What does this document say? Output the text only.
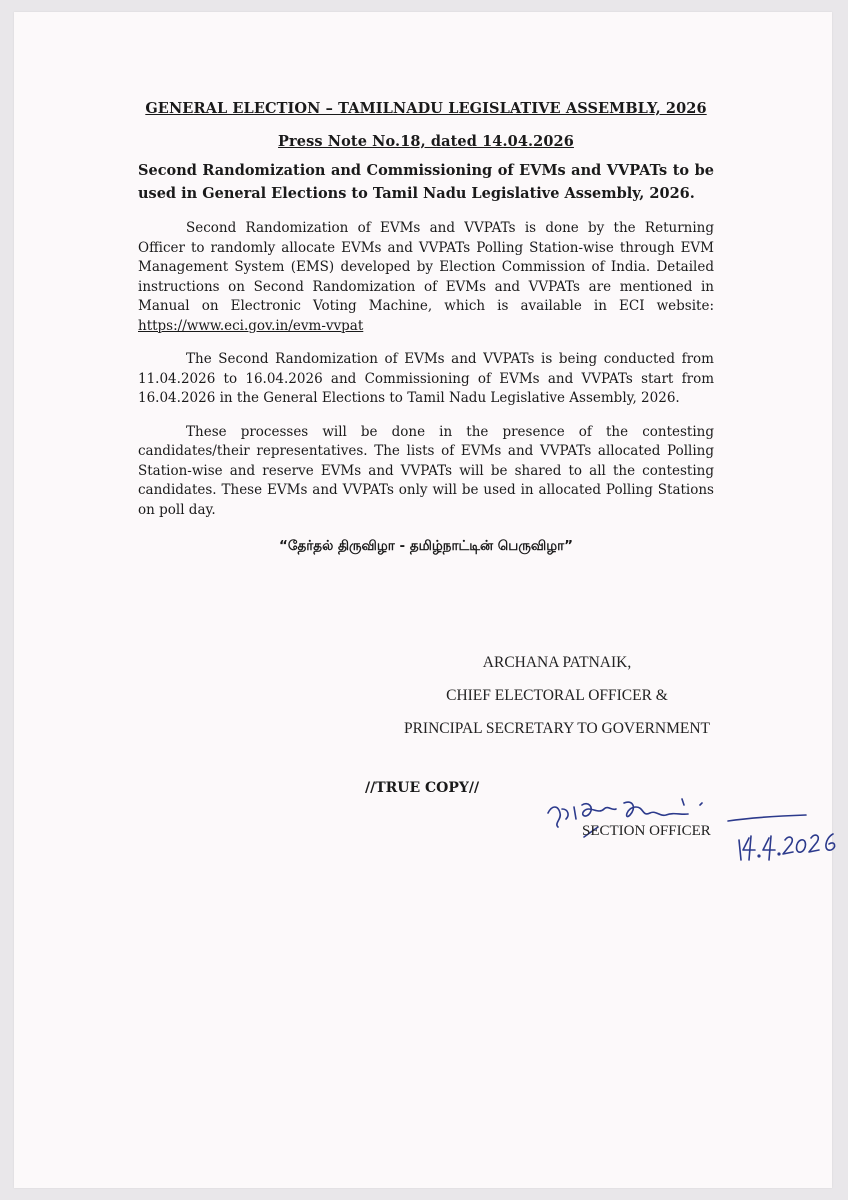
GENERAL ELECTION – TAMILNADU LEGISLATIVE ASSEMBLY, 2026

Press Note No.18, dated 14.04.2026

Second Randomization and Commissioning of EVMs and VVPATs to be used in General Elections to Tamil Nadu Legislative Assembly, 2026.
Second Randomization of EVMs and VVPATs is done by the Returning Officer to randomly allocate EVMs and VVPATs Polling Station-wise through EVM Management System (EMS) developed by Election Commission of India. Detailed instructions on Second Randomization of EVMs and VVPATs are mentioned in Manual on Electronic Voting Machine, which is available in ECI website: https://www.eci.gov.in/evm-vvpat
The Second Randomization of EVMs and VVPATs is being conducted from 11.04.2026 to 16.04.2026 and Commissioning of EVMs and VVPATs start from 16.04.2026 in the General Elections to Tamil Nadu Legislative Assembly, 2026.
These processes will be done in the presence of the contesting candidates/their representatives. The lists of EVMs and VVPATs allocated Polling Station-wise and reserve EVMs and VVPATs will be shared to all the contesting candidates. These EVMs and VVPATs only will be used in allocated Polling Stations on poll day.
“தேர்தல் திருவிழா - தமிழ்நாட்டின் பெருவிழா”
ARCHANA PATNAIK,
CHIEF ELECTORAL OFFICER &
PRINCIPAL SECRETARY TO GOVERNMENT
//TRUE COPY//
SECTION OFFICER	14.4.2026
